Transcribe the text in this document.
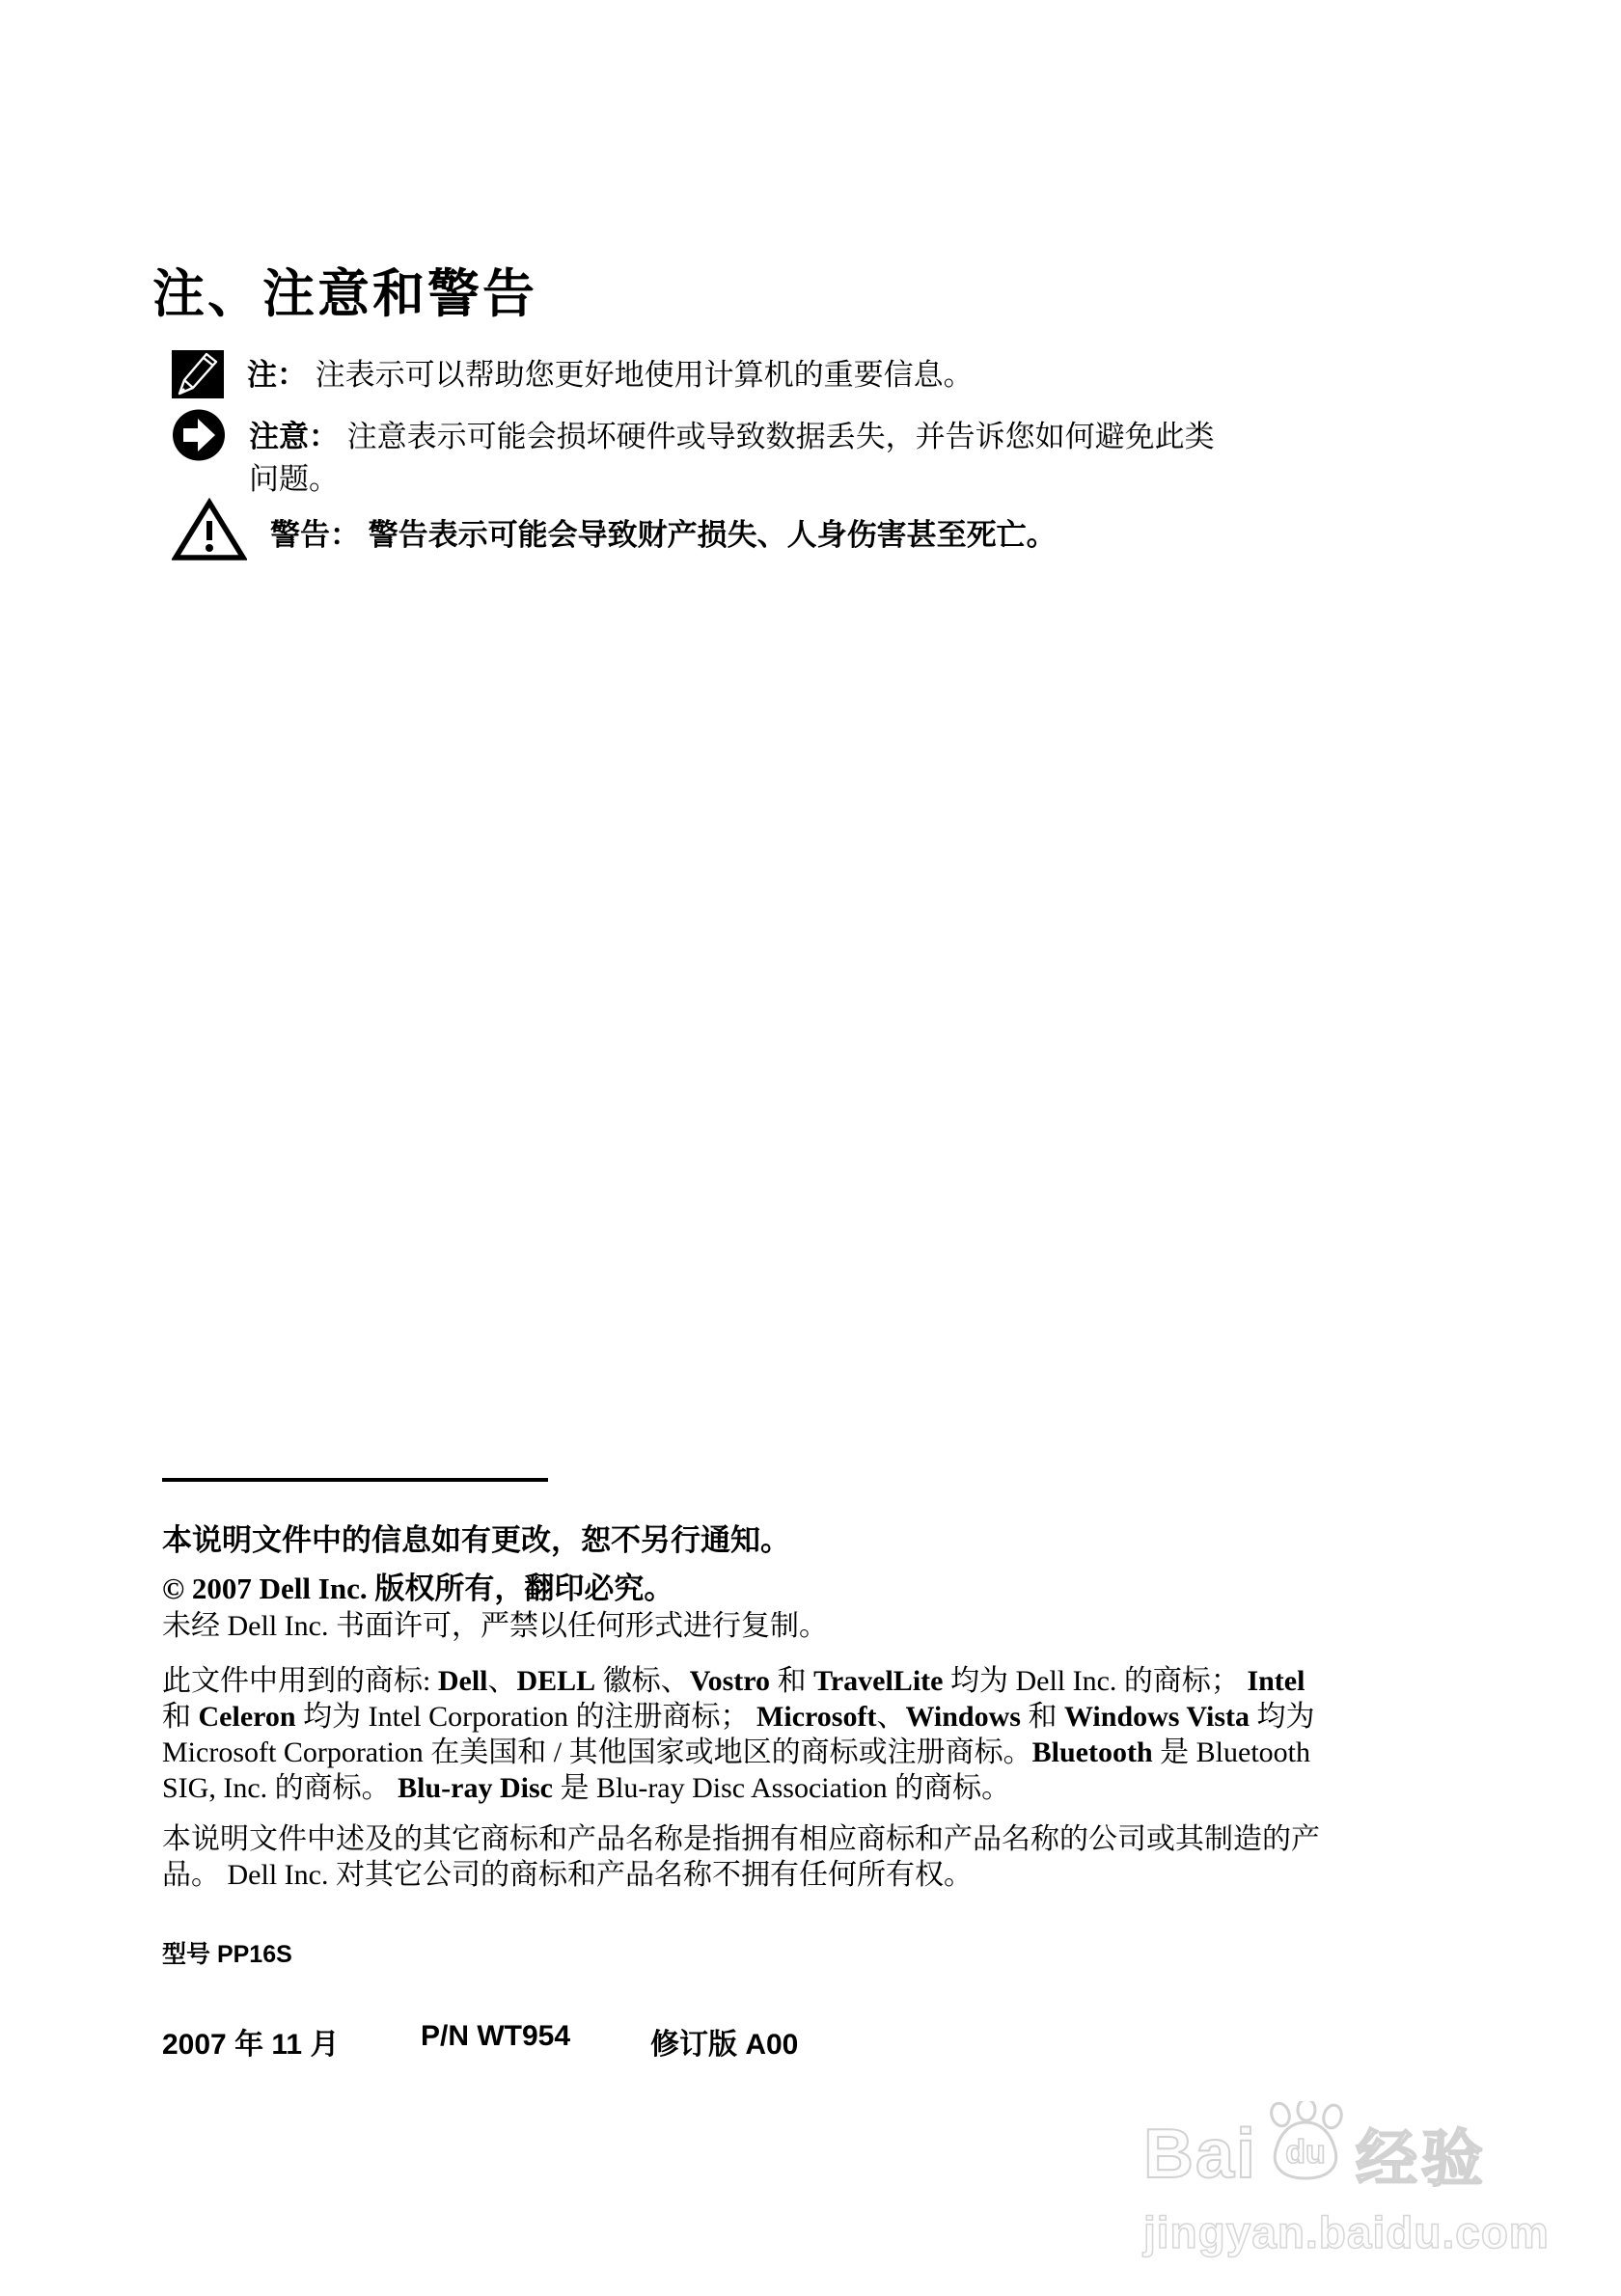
注、注意和警告
注： 注表示可以帮助您更好地使用计算机的重要信息。
注意： 注意表示可能会损坏硬件或导致数据丢失，并告诉您如何避免此类
问题。
警告： 警告表示可能会导致财产损失、人身伤害甚至死亡。
本说明文件中的信息如有更改，恕不另行通知。
© 2007 Dell Inc. 版权所有，翻印必究。
未经 Dell Inc. 书面许可，严禁以任何形式进行复制。
此文件中用到的商标: Dell、DELL 徽标、Vostro 和 TravelLite 均为 Dell Inc. 的商标； Intel
和 Celeron 均为 Intel Corporation 的注册商标； Microsoft、Windows 和 Windows Vista 均为
Microsoft Corporation 在美国和 / 其他国家或地区的商标或注册商标。Bluetooth 是 Bluetooth
SIG, Inc. 的商标。 Blu-ray Disc 是 Blu-ray Disc Association 的商标。
本说明文件中述及的其它商标和产品名称是指拥有相应商标和产品名称的公司或其制造的产
品。 Dell Inc. 对其它公司的商标和产品名称不拥有任何所有权。
型号 PP16S
2007 年 11 月	P/N WT954	修订版 A00
Bai du 经验
jingyan.baidu.com
